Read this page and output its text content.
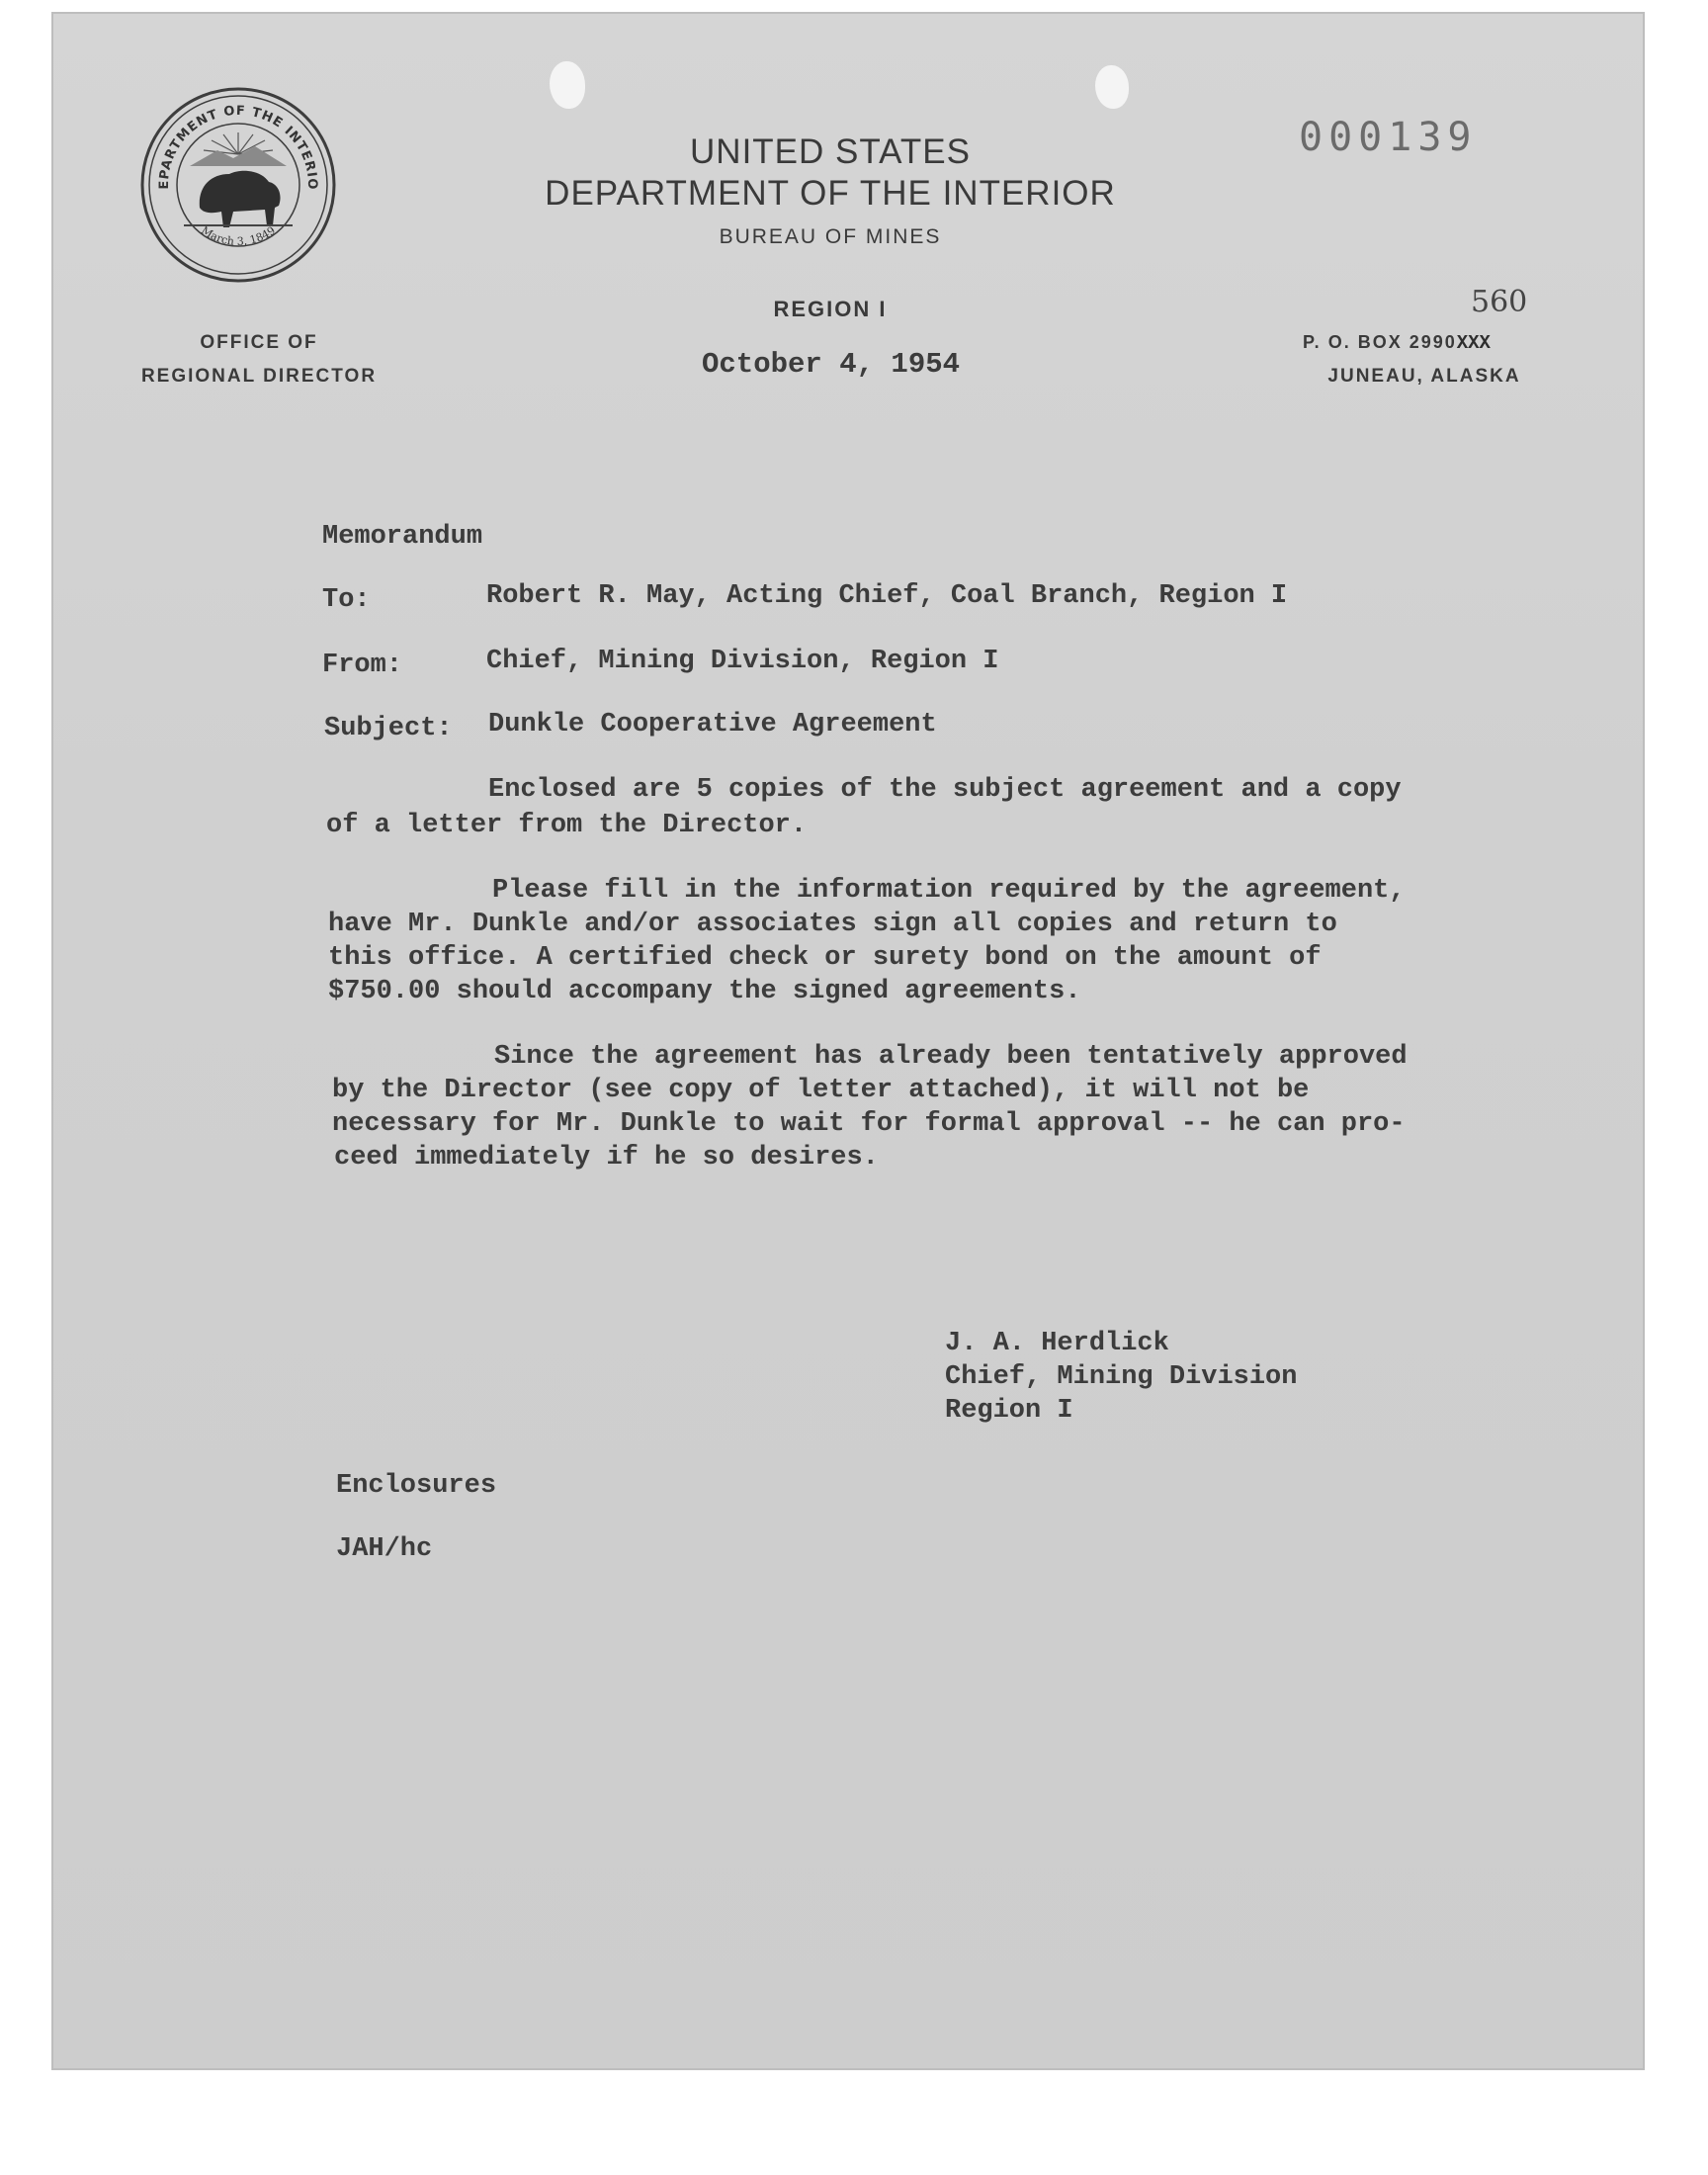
EPARTMENT OF THE INTERIO
March 3, 1849
000139
UNITED STATES
DEPARTMENT OF THE INTERIOR
BUREAU OF MINES
REGION I
October 4, 1954
OFFICE OF
REGIONAL DIRECTOR
560
P. O. BOX 2990XXX
JUNEAU, ALASKA
Memorandum
To:	Robert R. May, Acting Chief, Coal Branch, Region I
From:	Chief, Mining Division, Region I
Subject: Dunkle Cooperative Agreement
Enclosed are 5 copies of the subject agreement and a copy
of a letter from the Director.
Please fill in the information required by the agreement,
have Mr. Dunkle and/or associates sign all copies and return to
this office. A certified check or surety bond on the amount of
$750.00 should accompany the signed agreements.
Since the agreement has already been tentatively approved
by the Director (see copy of letter attached), it will not be
necessary for Mr. Dunkle to wait for formal approval -- he can pro-
ceed immediately if he so desires.
J. A. Herdlick
Chief, Mining Division
Region I
Enclosures
JAH/hc
